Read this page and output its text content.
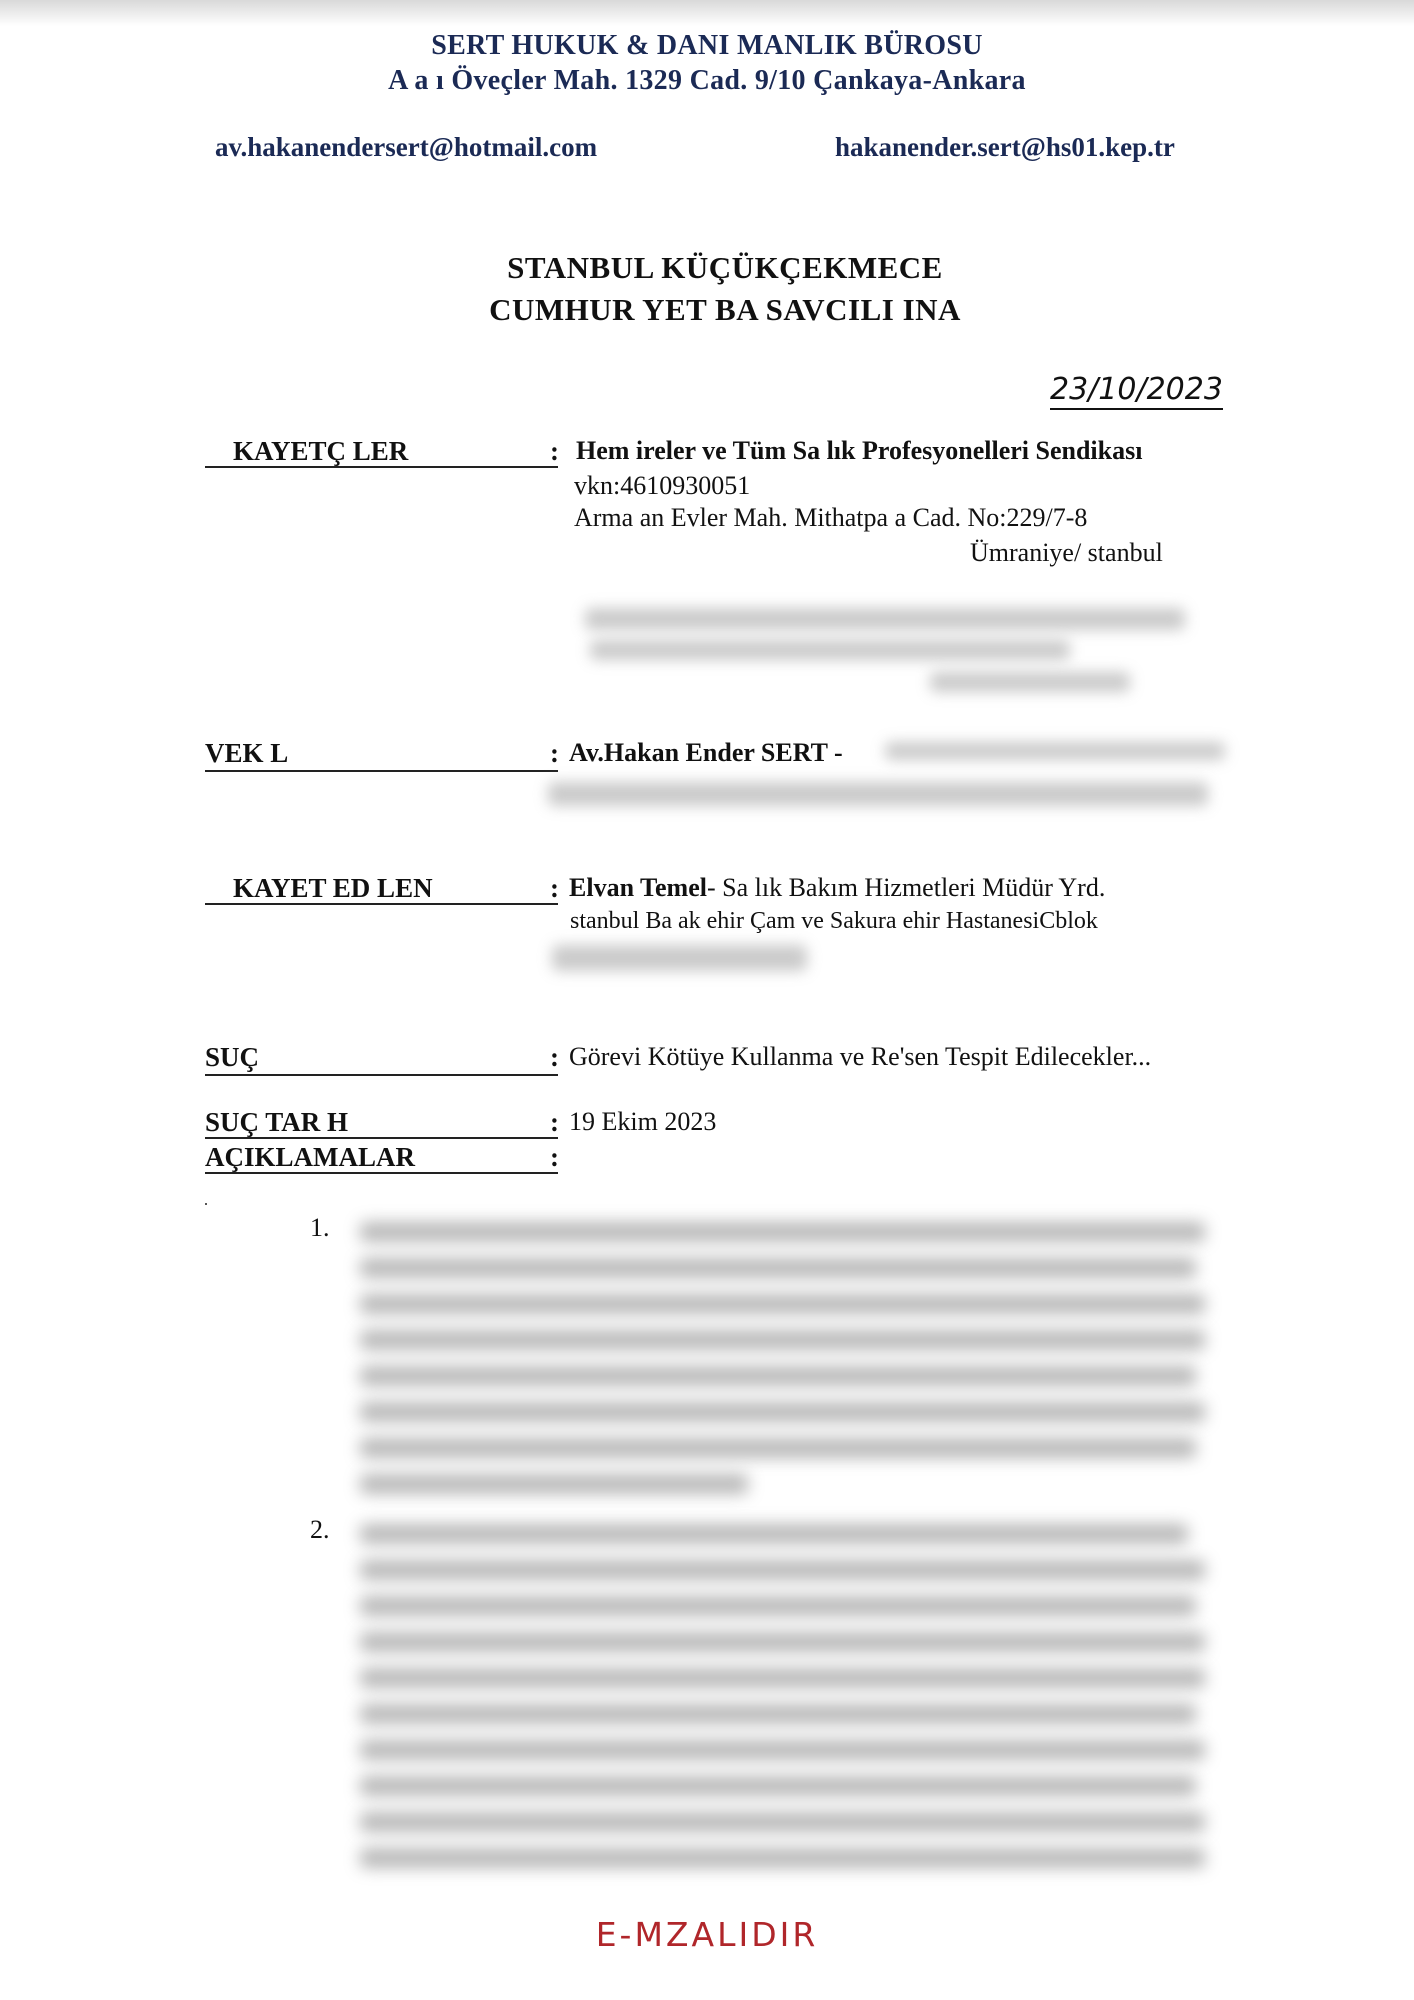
SERT HUKUK & DANI MANLIK BÜROSU
A a ı Öveçler Mah. 1329 Cad. 9/10 Çankaya-Ankara
av.hakanendersert@hotmail.com	hakanender.sert@hs01.kep.tr
STANBUL KÜÇÜKÇEKMECE
CUMHUR YET BA SAVCILI INA
23/10/2023
KAYETÇ LER	: Hem ireler ve Tüm Sa lık Profesyonelleri Sendikası
vkn:4610930051
Arma an Evler Mah. Mithatpa a Cad. No:229/7-8
Ümraniye/ stanbul
VEK L	: Av.Hakan Ender SERT -
KAYET ED LEN	: Elvan Temel- Sa lık Bakım Hizmetleri Müdür Yrd.
stanbul Ba ak ehir Çam ve Sakura ehir HastanesiCblok
SUÇ	: Görevi Kötüye Kullanma ve Re'sen Tespit Edilecekler...
SUÇ TAR H	: 19 Ekim 2023
AÇIKLAMALAR	:
1.
2.
E-MZALIDIR
